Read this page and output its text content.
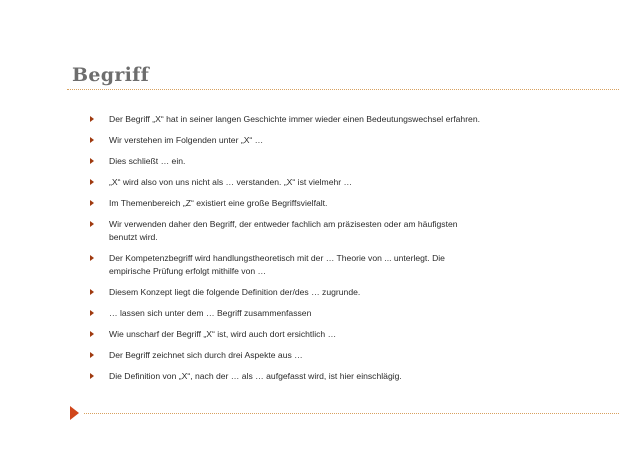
Begriff
Der Begriff „X“ hat in seiner langen Geschichte immer wieder einen Bedeutungswechsel erfahren.
Wir verstehen im Folgenden unter „X“ …
Dies schließt … ein.
„X“ wird also von uns nicht als … verstanden. „X“ ist vielmehr …
Im Themenbereich „Z“ existiert eine große Begriffsvielfalt.
Wir verwenden daher den Begriff, der entweder fachlich am präzisesten oder am häufigsten
benutzt wird.
Der Kompetenzbegriff wird handlungstheoretisch mit der … Theorie von ... unterlegt. Die
empirische Prüfung erfolgt mithilfe von …
Diesem Konzept liegt die folgende Definition der/des … zugrunde.
… lassen sich unter dem … Begriff zusammenfassen
Wie unscharf der Begriff „X“ ist, wird auch dort ersichtlich …
Der Begriff zeichnet sich durch drei Aspekte aus …
Die Definition von „X“, nach der … als … aufgefasst wird, ist hier einschlägig.
